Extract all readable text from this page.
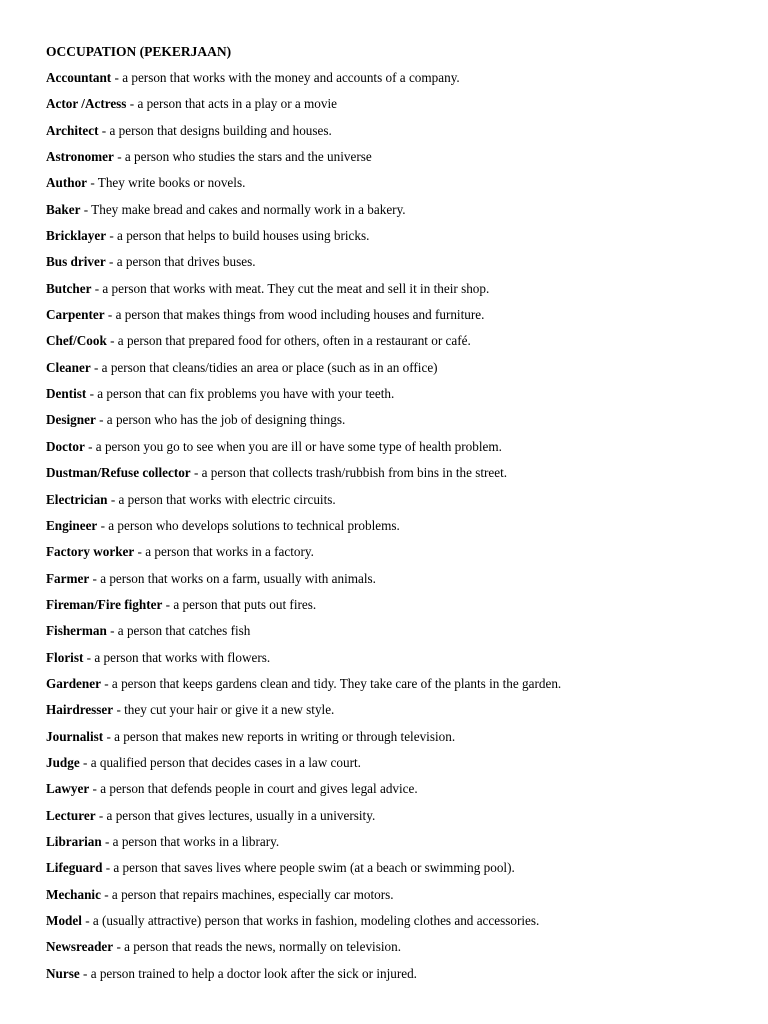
OCCUPATION (PEKERJAAN)
Accountant - a person that works with the money and accounts of a company.
Actor /Actress - a person that acts in a play or a movie
Architect - a person that designs building and houses.
Astronomer - a person who studies the stars and the universe
Author - They write books or novels.
Baker - They make bread and cakes and normally work in a bakery.
Bricklayer - a person that helps to build houses using bricks.
Bus driver - a person that drives buses.
Butcher - a person that works with meat. They cut the meat and sell it in their shop.
Carpenter - a person that makes things from wood including houses and furniture.
Chef/Cook - a person that prepared food for others, often in a restaurant or café.
Cleaner - a person that cleans/tidies an area or place (such as in an office)
Dentist - a person that can fix problems you have with your teeth.
Designer - a person who has the job of designing things.
Doctor - a person you go to see when you are ill or have some type of health problem.
Dustman/Refuse collector - a person that collects trash/rubbish from bins in the street.
Electrician - a person that works with electric circuits.
Engineer - a person who develops solutions to technical problems.
Factory worker - a person that works in a factory.
Farmer - a person that works on a farm, usually with animals.
Fireman/Fire fighter - a person that puts out fires.
Fisherman - a person that catches fish
Florist - a person that works with flowers.
Gardener - a person that keeps gardens clean and tidy. They take care of the plants in the garden.
Hairdresser - they cut your hair or give it a new style.
Journalist - a person that makes new reports in writing or through television.
Judge - a qualified person that decides cases in a law court.
Lawyer - a person that defends people in court and gives legal advice.
Lecturer - a person that gives lectures, usually in a university.
Librarian - a person that works in a library.
Lifeguard - a person that saves lives where people swim (at a beach or swimming pool).
Mechanic - a person that repairs machines, especially car motors.
Model - a (usually attractive) person that works in fashion, modeling clothes and accessories.
Newsreader - a person that reads the news, normally on television.
Nurse - a person trained to help a doctor look after the sick or injured.
